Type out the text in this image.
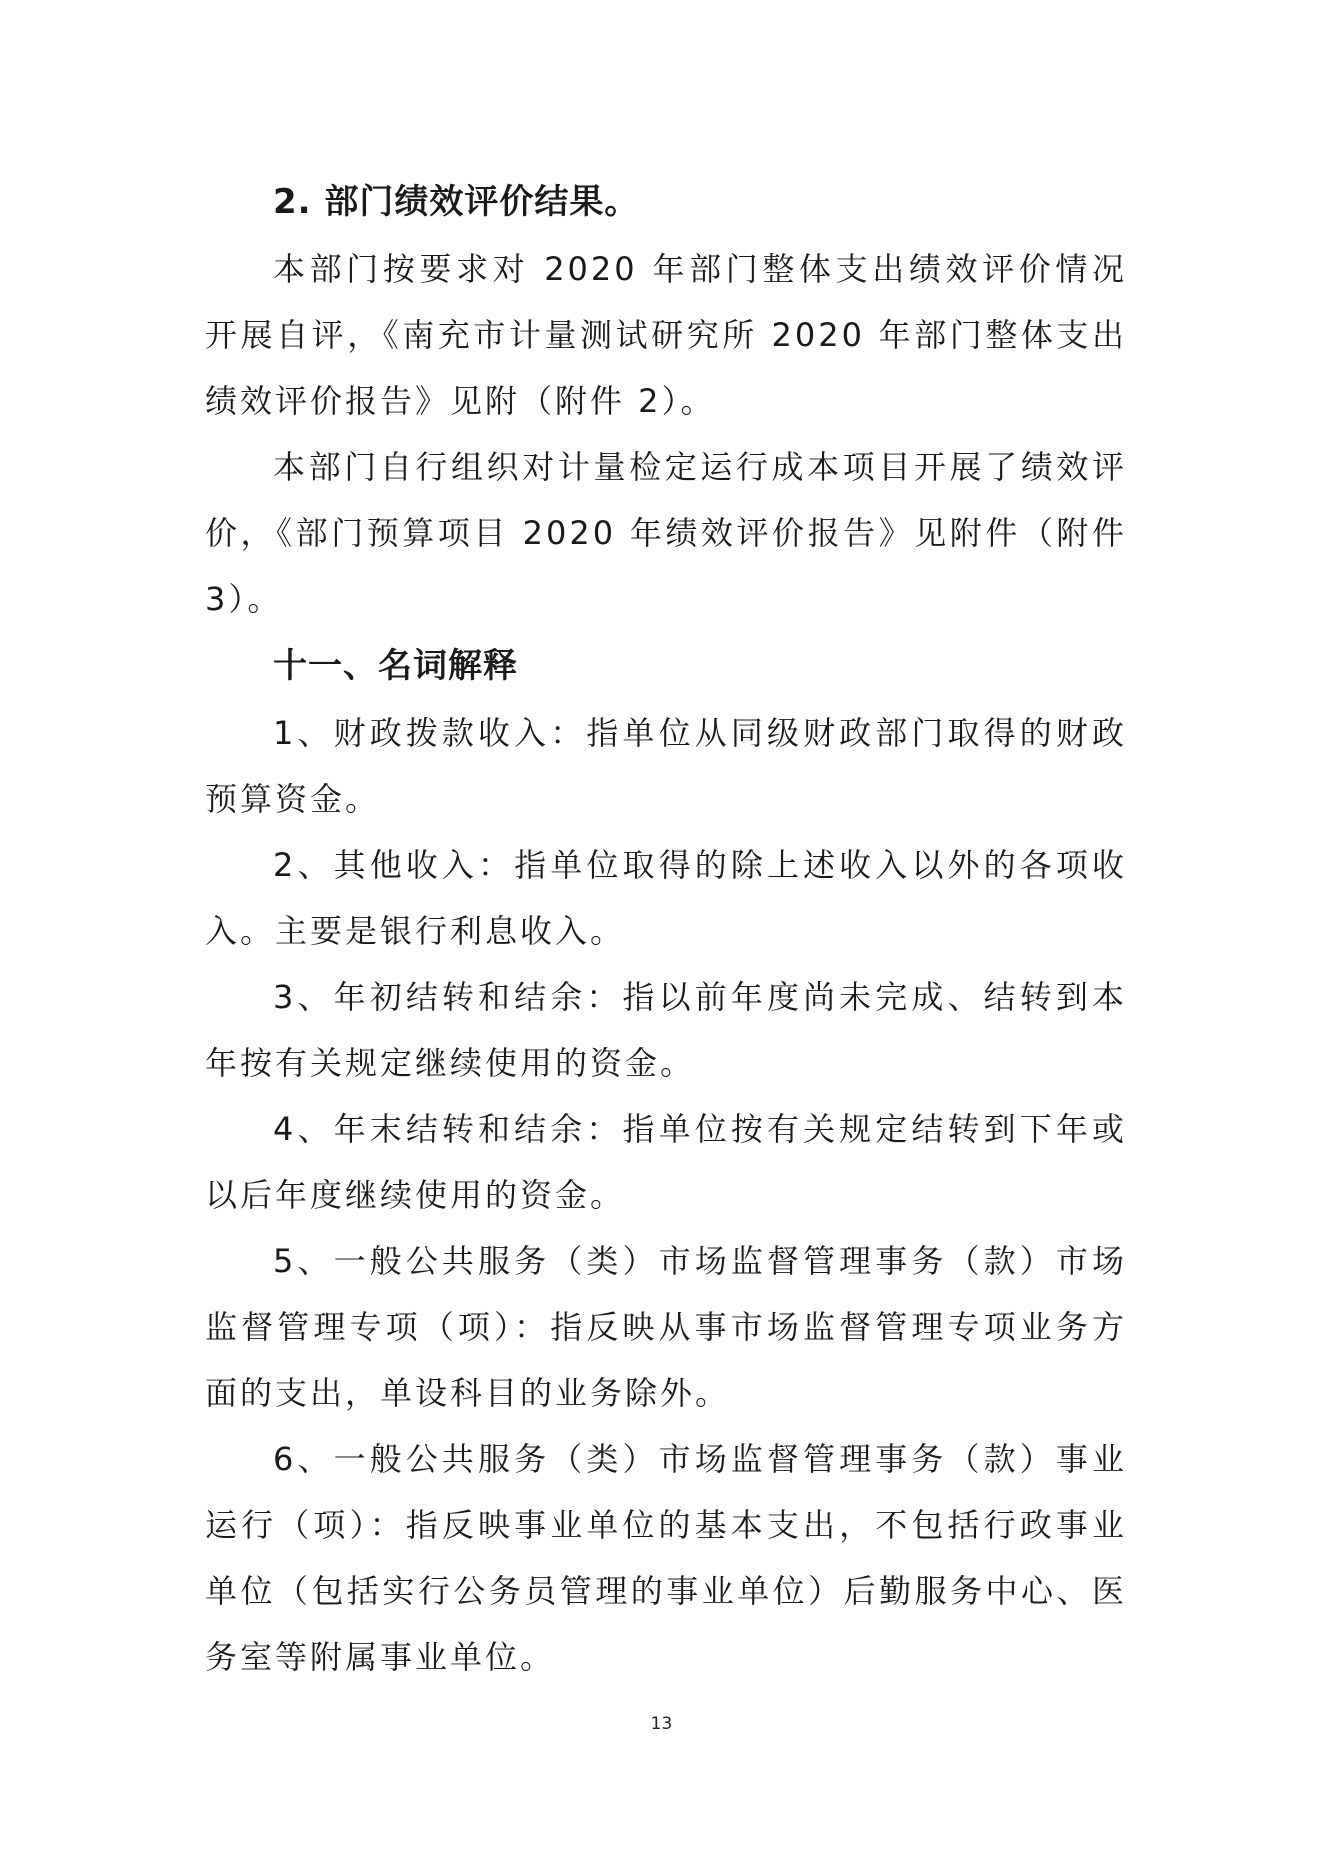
2. 部门绩效评价结果。

本部门按要求对 2020 年部门整体支出绩效评价情况开展自评，《南充市计量测试研究所 2020 年部门整体支出绩效评价报告》见附（附件 2）。

本部门自行组织对计量检定运行成本项目开展了绩效评价，《部门预算项目 2020 年绩效评价报告》见附件（附件 3）。

十一、名词解释

1、财政拨款收入：指单位从同级财政部门取得的财政预算资金。

2、其他收入：指单位取得的除上述收入以外的各项收入。主要是银行利息收入。

3、年初结转和结余：指以前年度尚未完成、结转到本年按有关规定继续使用的资金。

4、年末结转和结余：指单位按有关规定结转到下年或以后年度继续使用的资金。

5、一般公共服务（类）市场监督管理事务（款）市场监督管理专项（项）：指反映从事市场监督管理专项业务方面的支出，单设科目的业务除外。

6、一般公共服务（类）市场监督管理事务（款）事业 运行（项）：指反映事业单位的基本支出，不包括行政事业单位（包括实行公务员管理的事业单位）后勤服务中心、医务室等附属事业单位。

13
